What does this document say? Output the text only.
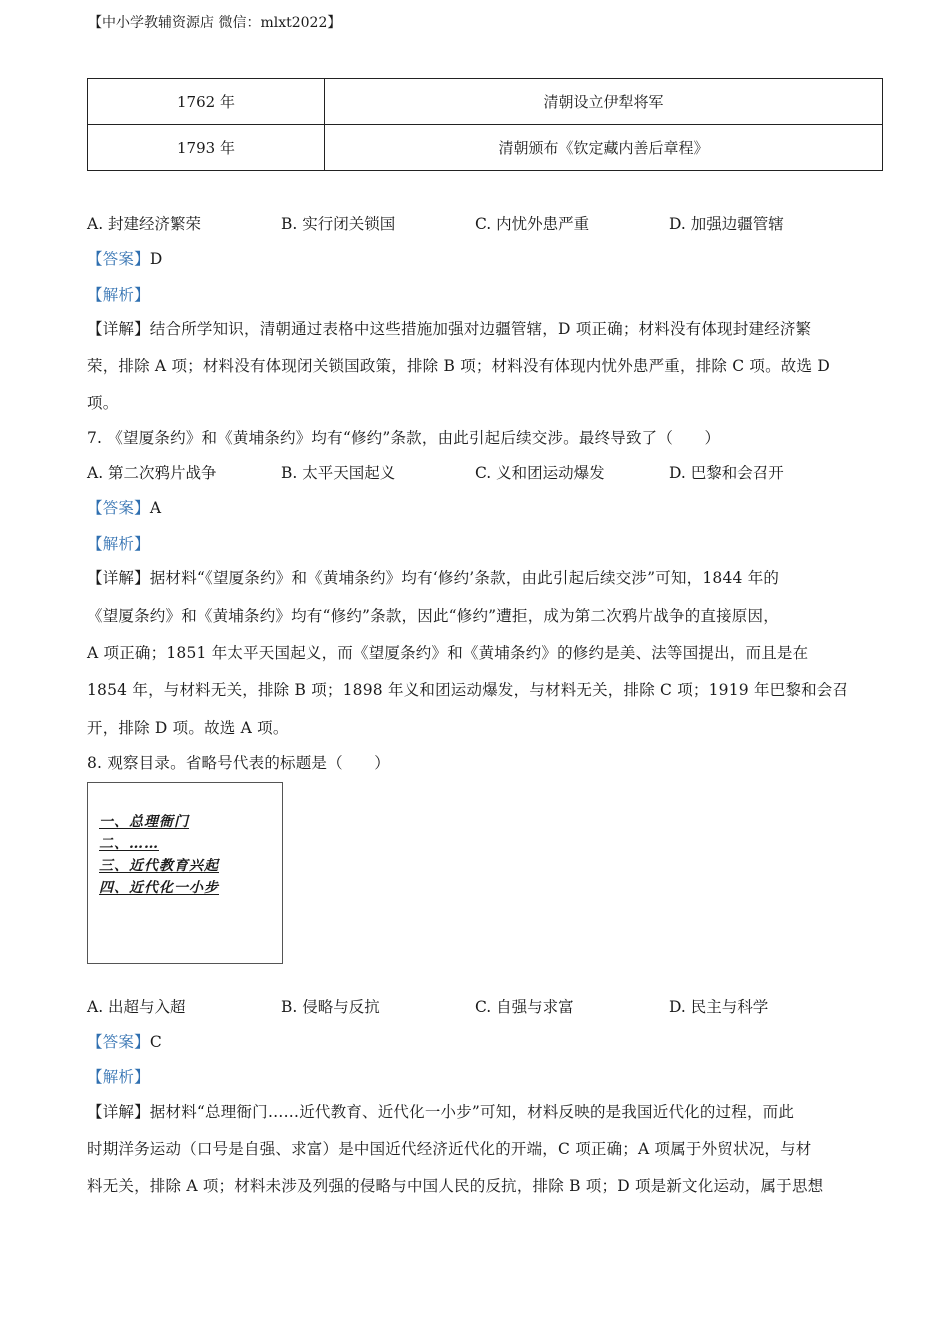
【中小学教辅资源店 微信：mlxt2022】
1762 年	清朝设立伊犁将军
1793 年	清朝颁布《钦定藏内善后章程》
A. 封建经济繁荣	B. 实行闭关锁国	C. 内忧外患严重	D. 加强边疆管辖
【答案】D
【解析】
【详解】结合所学知识，清朝通过表格中这些措施加强对边疆管辖，D 项正确；材料没有体现封建经济繁
荣，排除 A 项；材料没有体现闭关锁国政策，排除 B 项；材料没有体现内忧外患严重，排除 C 项。故选 D
项。
7. 《望厦条约》和《黄埔条约》均有“修约”条款，由此引起后续交涉。最终导致了（　　）
A. 第二次鸦片战争	B. 太平天国起义	C. 义和团运动爆发	D. 巴黎和会召开
【答案】A
【解析】
【详解】据材料“《望厦条约》和《黄埔条约》均有‘修约’条款，由此引起后续交涉”可知，1844 年的
《望厦条约》和《黄埔条约》均有“修约”条款，因此“修约”遭拒，成为第二次鸦片战争的直接原因，
A 项正确；1851 年太平天国起义，而《望厦条约》和《黄埔条约》的修约是美、法等国提出，而且是在
1854 年，与材料无关，排除 B 项；1898 年义和团运动爆发，与材料无关，排除 C 项；1919 年巴黎和会召
开，排除 D 项。故选 A 项。
8. 观察目录。省略号代表的标题是（　　）
一、总理衙门
二、……
三、近代教育兴起
四、近代化一小步
A. 出超与入超	B. 侵略与反抗	C. 自强与求富	D. 民主与科学
【答案】C
【解析】
【详解】据材料“总理衙门……近代教育、近代化一小步”可知，材料反映的是我国近代化的过程，而此
时期洋务运动（口号是自强、求富）是中国近代经济近代化的开端，C 项正确；A 项属于外贸状况，与材
料无关，排除 A 项；材料未涉及列强的侵略与中国人民的反抗，排除 B 项；D 项是新文化运动，属于思想
